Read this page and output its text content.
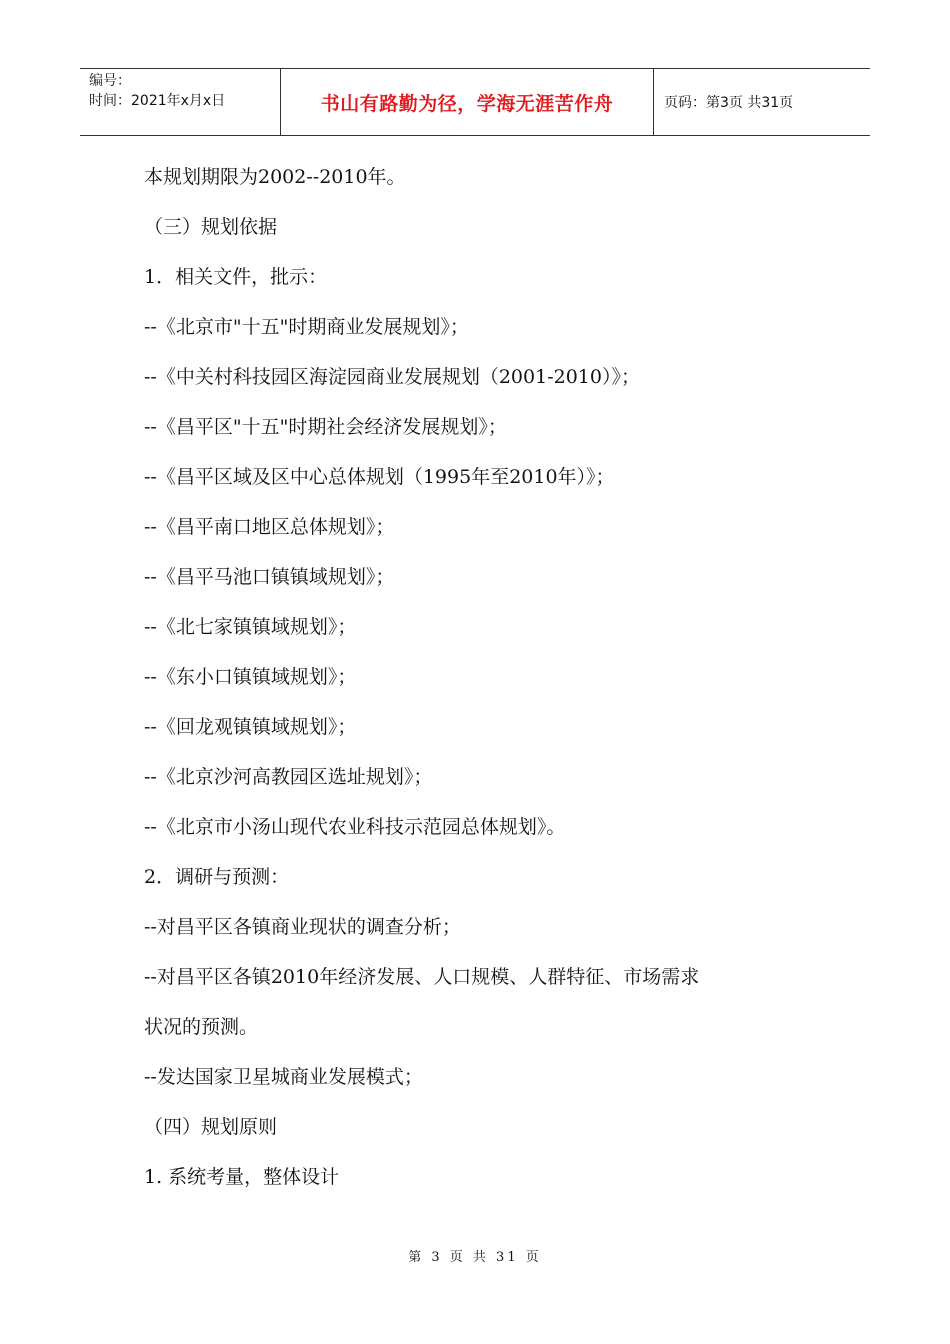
编号：
时间：2021年x月x日	书山有路勤为径，学海无涯苦作舟	页码：第3页 共31页
本规划期限为2002--2010年。
（三）规划依据
1．相关文件，批示：
--《北京市"十五"时期商业发展规划》；
--《中关村科技园区海淀园商业发展规划（2001-2010）》；
--《昌平区"十五"时期社会经济发展规划》；
--《昌平区域及区中心总体规划（1995年至2010年）》；
--《昌平南口地区总体规划》；
--《昌平马池口镇镇域规划》；
--《北七家镇镇域规划》；
--《东小口镇镇域规划》；
--《回龙观镇镇域规划》；
--《北京沙河高教园区选址规划》；
--《北京市小汤山现代农业科技示范园总体规划》。
2．调研与预测：
--对昌平区各镇商业现状的调查分析；
--对昌平区各镇2010年经济发展、人口规模、人群特征、市场需求
状况的预测。
--发达国家卫星城商业发展模式；
（四）规划原则
1. 系统考量，整体设计
第 3 页 共 31 页
